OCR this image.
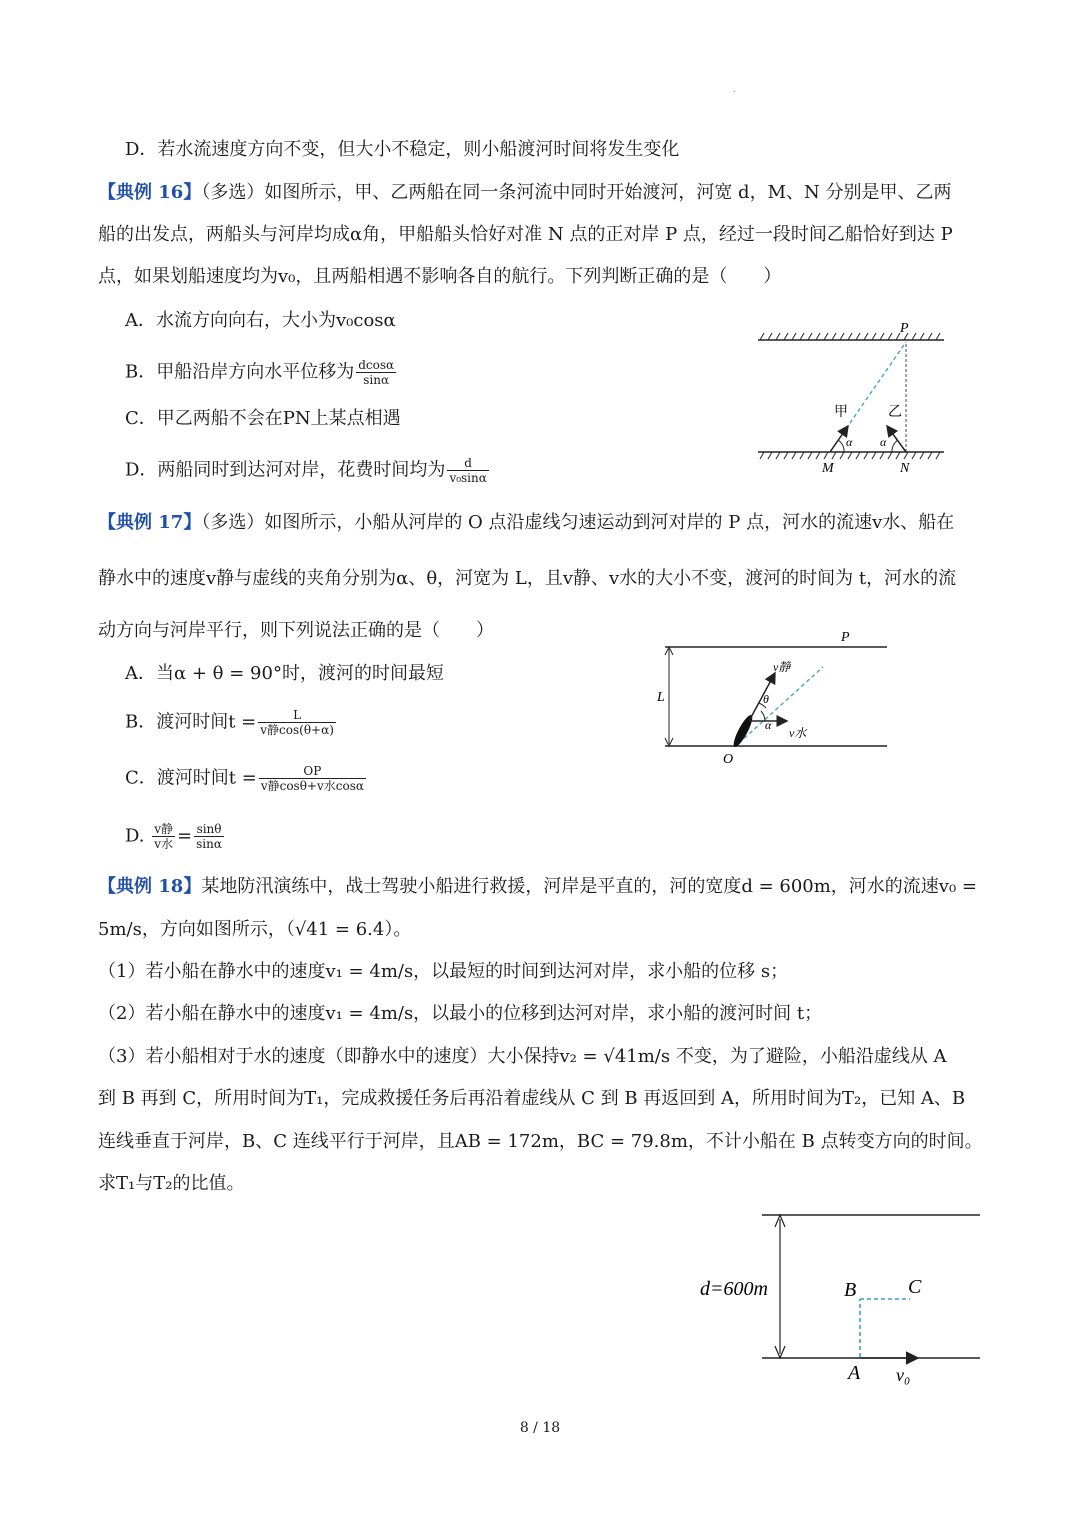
.
D．若水流速度方向不变，但大小不稳定，则小船渡河时间将发生变化
【典例 16】（多选）如图所示，甲、乙两船在同一条河流中同时开始渡河，河宽 d，M、N 分别是甲、乙两
船的出发点，两船头与河岸均成α角，甲船船头恰好对准 N 点的正对岸 P 点，经过一段时间乙船恰好到达 P
点，如果划船速度均为v₀，且两船相遇不影响各自的航行。下列判断正确的是（　　）
A．水流方向向右，大小为v₀cosα
B．甲船沿岸方向水平位移为 $\frac{dcos\alpha}{\sin\alpha}$
C．甲乙两船不会在PN上某点相遇
D．两船同时到达河对岸，花费时间均为 $\frac{d}{\text{v₀sinα}}$
P
M	N
甲	乙
α α
【典例 17】（多选）如图所示，小船从河岸的 O 点沿虚线匀速运动到河对岸的 P 点，河水的流速v水、船在
静水中的速度v静与虚线的夹角分别为α、θ，河宽为 L，且v静、v水的大小不变，渡河的时间为 t，河水的流
动方向与河岸平行，则下列说法正确的是（　　）
A．当α + θ = 90°时，渡河的时间最短
B．渡河时间$t = \frac{L}{\text{v静cos(θ+α)}}$
C．渡河时间$t = \frac{OP}{\text{v静cosθ+v水cosα}}$
D. $\frac{\text{v静}}{\text{v水}} = \frac{\sin\theta}{\sin\alpha}$
P
L
O
v静
v水
θ
α
【典例 18】某地防汛演练中，战士驾驶小船进行救援，河岸是平直的，河的宽度d = 600m，河水的流速v₀ =
5m/s，方向如图所示，（√41 = 6.4）。
（1）若小船在静水中的速度v₁ = 4m/s，以最短的时间到达河对岸，求小船的位移 s；
（2）若小船在静水中的速度v₁ = 4m/s，以最小的位移到达河对岸，求小船的渡河时间 t；
（3）若小船相对于水的速度（即静水中的速度）大小保持v₂ = √41m/s 不变，为了避险，小船沿虚线从 A
到 B 再到 C，所用时间为T₁，完成救援任务后再沿着虚线从 C 到 B 再返回到 A，所用时间为T₂，已知 A、B
连线垂直于河岸，B、C 连线平行于河岸，且AB = 172m，BC = 79.8m，不计小船在 B 点转变方向的时间。
求T₁与T₂的比值。
d=600m	B	C
A v₀
8 / 18
